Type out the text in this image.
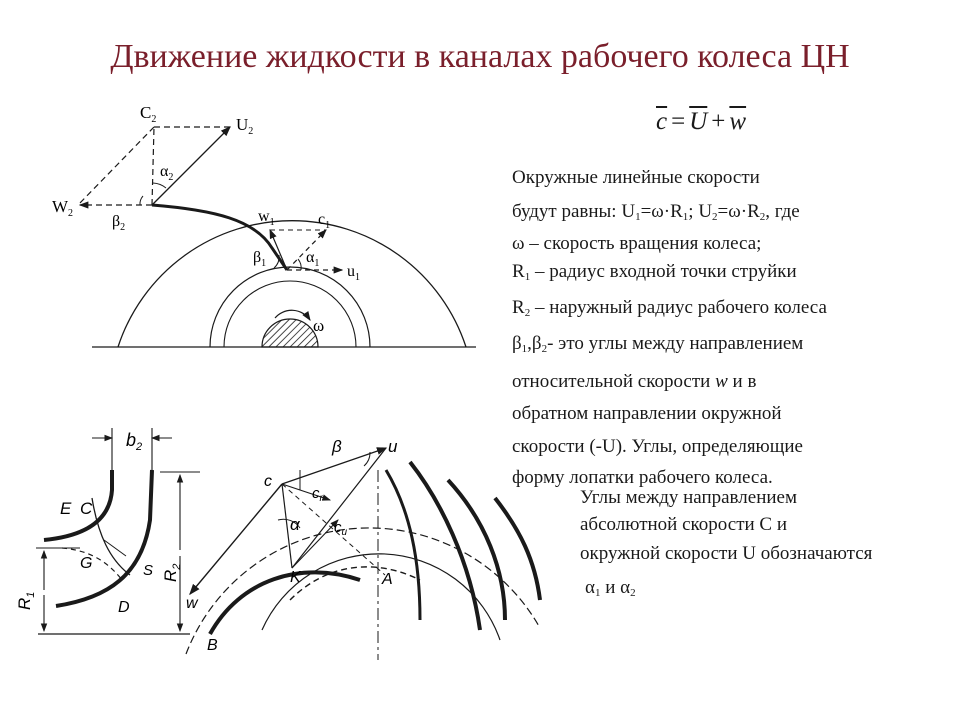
Движение жидкости в каналах рабочего колеса ЦН
$\overline{c} = \overline{U} + \overline{w}$
Окружные линейные скорости
будут равны: $U_1=\omega\cdot R_1$; $U_2=\omega\cdot R_2$, где
ω – скорость вращения колеса;
$R_1$ – радиус входной точки струйки
$R_2$ – наружный радиус рабочего колеса
$\beta_1,\beta_2-$ это углы между направлением
относительной скорости w и в
обратном направлении окружной
скорости (-U). Углы, определяющие
форму лопатки рабочего колеса.
Углы между направлением
абсолютной скорости С и
окружной скорости U обозначаются
$\alpha_1$ и $\alpha_2$
$C_2$	$U_2$
$W_2$
$\alpha_2$
$\beta_2$
$w_1$	$c_1$
$u_1$
$\beta_1$ $\alpha_1$
ω
$b_2$
E C
G
D
S
$R_1$
$R_2$
β	u
c
$c_r$
α $c_u$
K	A
B
w
